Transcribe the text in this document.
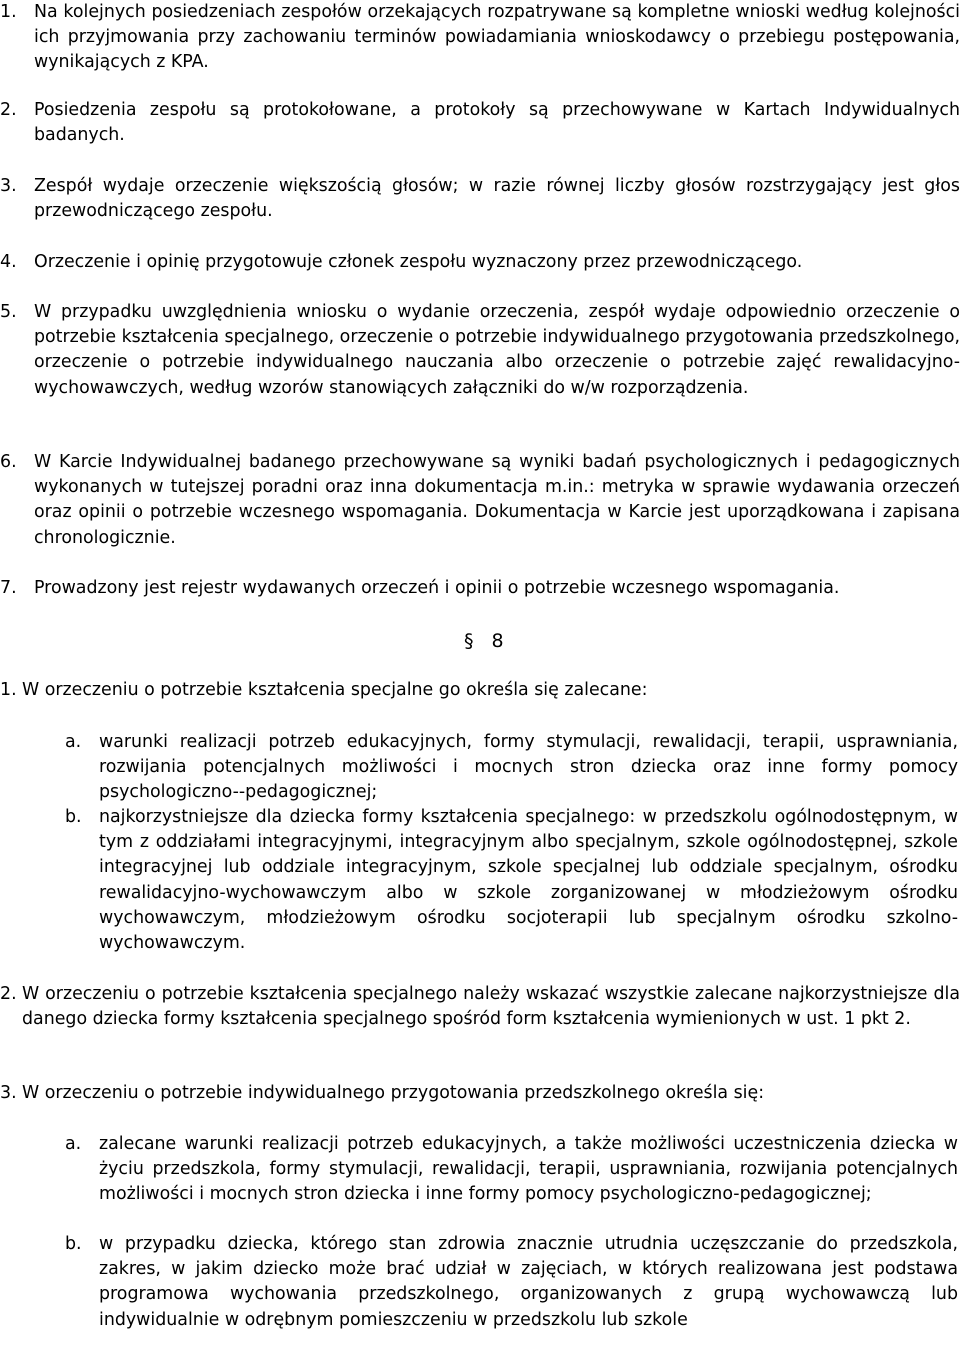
1.	Na kolejnych posiedzeniach zespołów orzekających rozpatrywane są kompletne wnioski według kolejności ich przyjmowania przy zachowaniu terminów powiadamiania wnioskodawcy o przebiegu postępowania, wynikających z KPA.
2.	Posiedzenia zespołu są protokołowane, a protokoły są przechowywane w Kartach Indywidualnych badanych.
3.	Zespół wydaje orzeczenie większością głosów; w razie równej liczby głosów rozstrzygający jest głos przewodniczącego zespołu.
4.	Orzeczenie i opinię przygotowuje członek zespołu wyznaczony przez przewodniczącego.
5.	W przypadku uwzględnienia wniosku o wydanie orzeczenia, zespół wydaje odpowiednio orzeczenie o potrzebie kształcenia specjalnego, orzeczenie o potrzebie indywidualnego przygotowania przedszkolnego, orzeczenie o potrzebie indywidualnego nauczania albo orzeczenie o potrzebie zajęć rewalidacyjno-wychowawczych, według wzorów stanowiących załączniki do w/w rozporządzenia.
6.	W Karcie Indywidualnej badanego przechowywane są wyniki badań psychologicznych i pedagogicznych wykonanych w tutejszej poradni oraz inna dokumentacja m.in.: metryka w sprawie wydawania orzeczeń oraz opinii o potrzebie wczesnego wspomagania. Dokumentacja w Karcie jest uporządkowana i zapisana chronologicznie.
7.	Prowadzony jest rejestr wydawanych orzeczeń i opinii o potrzebie wczesnego wspomagania.
§ 8
1. W orzeczeniu o potrzebie kształcenia specjalne go określa się zalecane:
a.	warunki realizacji potrzeb edukacyjnych, formy stymulacji, rewalidacji, terapii, usprawniania, rozwijania potencjalnych możliwości i mocnych stron dziecka oraz inne formy pomocy psychologiczno--pedagogicznej;
b.	najkorzystniejsze dla dziecka formy kształcenia specjalnego: w przedszkolu ogólnodostępnym, w tym z oddziałami integracyjnymi, integracyjnym albo specjalnym, szkole ogólnodostępnej, szkole integracyjnej lub oddziale integracyjnym, szkole specjalnej lub oddziale specjalnym, ośrodku rewalidacyjno-wychowawczym albo w szkole zorganizowanej w młodzieżowym ośrodku wychowawczym, młodzieżowym ośrodku socjoterapii lub specjalnym ośrodku szkolno-wychowawczym.
2. W orzeczeniu o potrzebie kształcenia specjalnego należy wskazać wszystkie zalecane najkorzystniejsze dla danego dziecka formy kształcenia specjalnego spośród form kształcenia wymienionych w ust. 1 pkt 2.
3. W orzeczeniu o potrzebie indywidualnego przygotowania przedszkolnego określa się:
a.	zalecane warunki realizacji potrzeb edukacyjnych, a także możliwości uczestniczenia dziecka w życiu przedszkola, formy stymulacji, rewalidacji, terapii, usprawniania, rozwijania potencjalnych możliwości i mocnych stron dziecka i inne formy pomocy psychologiczno-pedagogicznej;
b.	w przypadku dziecka, którego stan zdrowia znacznie utrudnia uczęszczanie do przedszkola, zakres, w jakim dziecko może brać udział w zajęciach, w których realizowana jest podstawa programowa wychowania przedszkolnego, organizowanych z grupą wychowawczą lub indywidualnie w odrębnym pomieszczeniu w przedszkolu lub szkole
